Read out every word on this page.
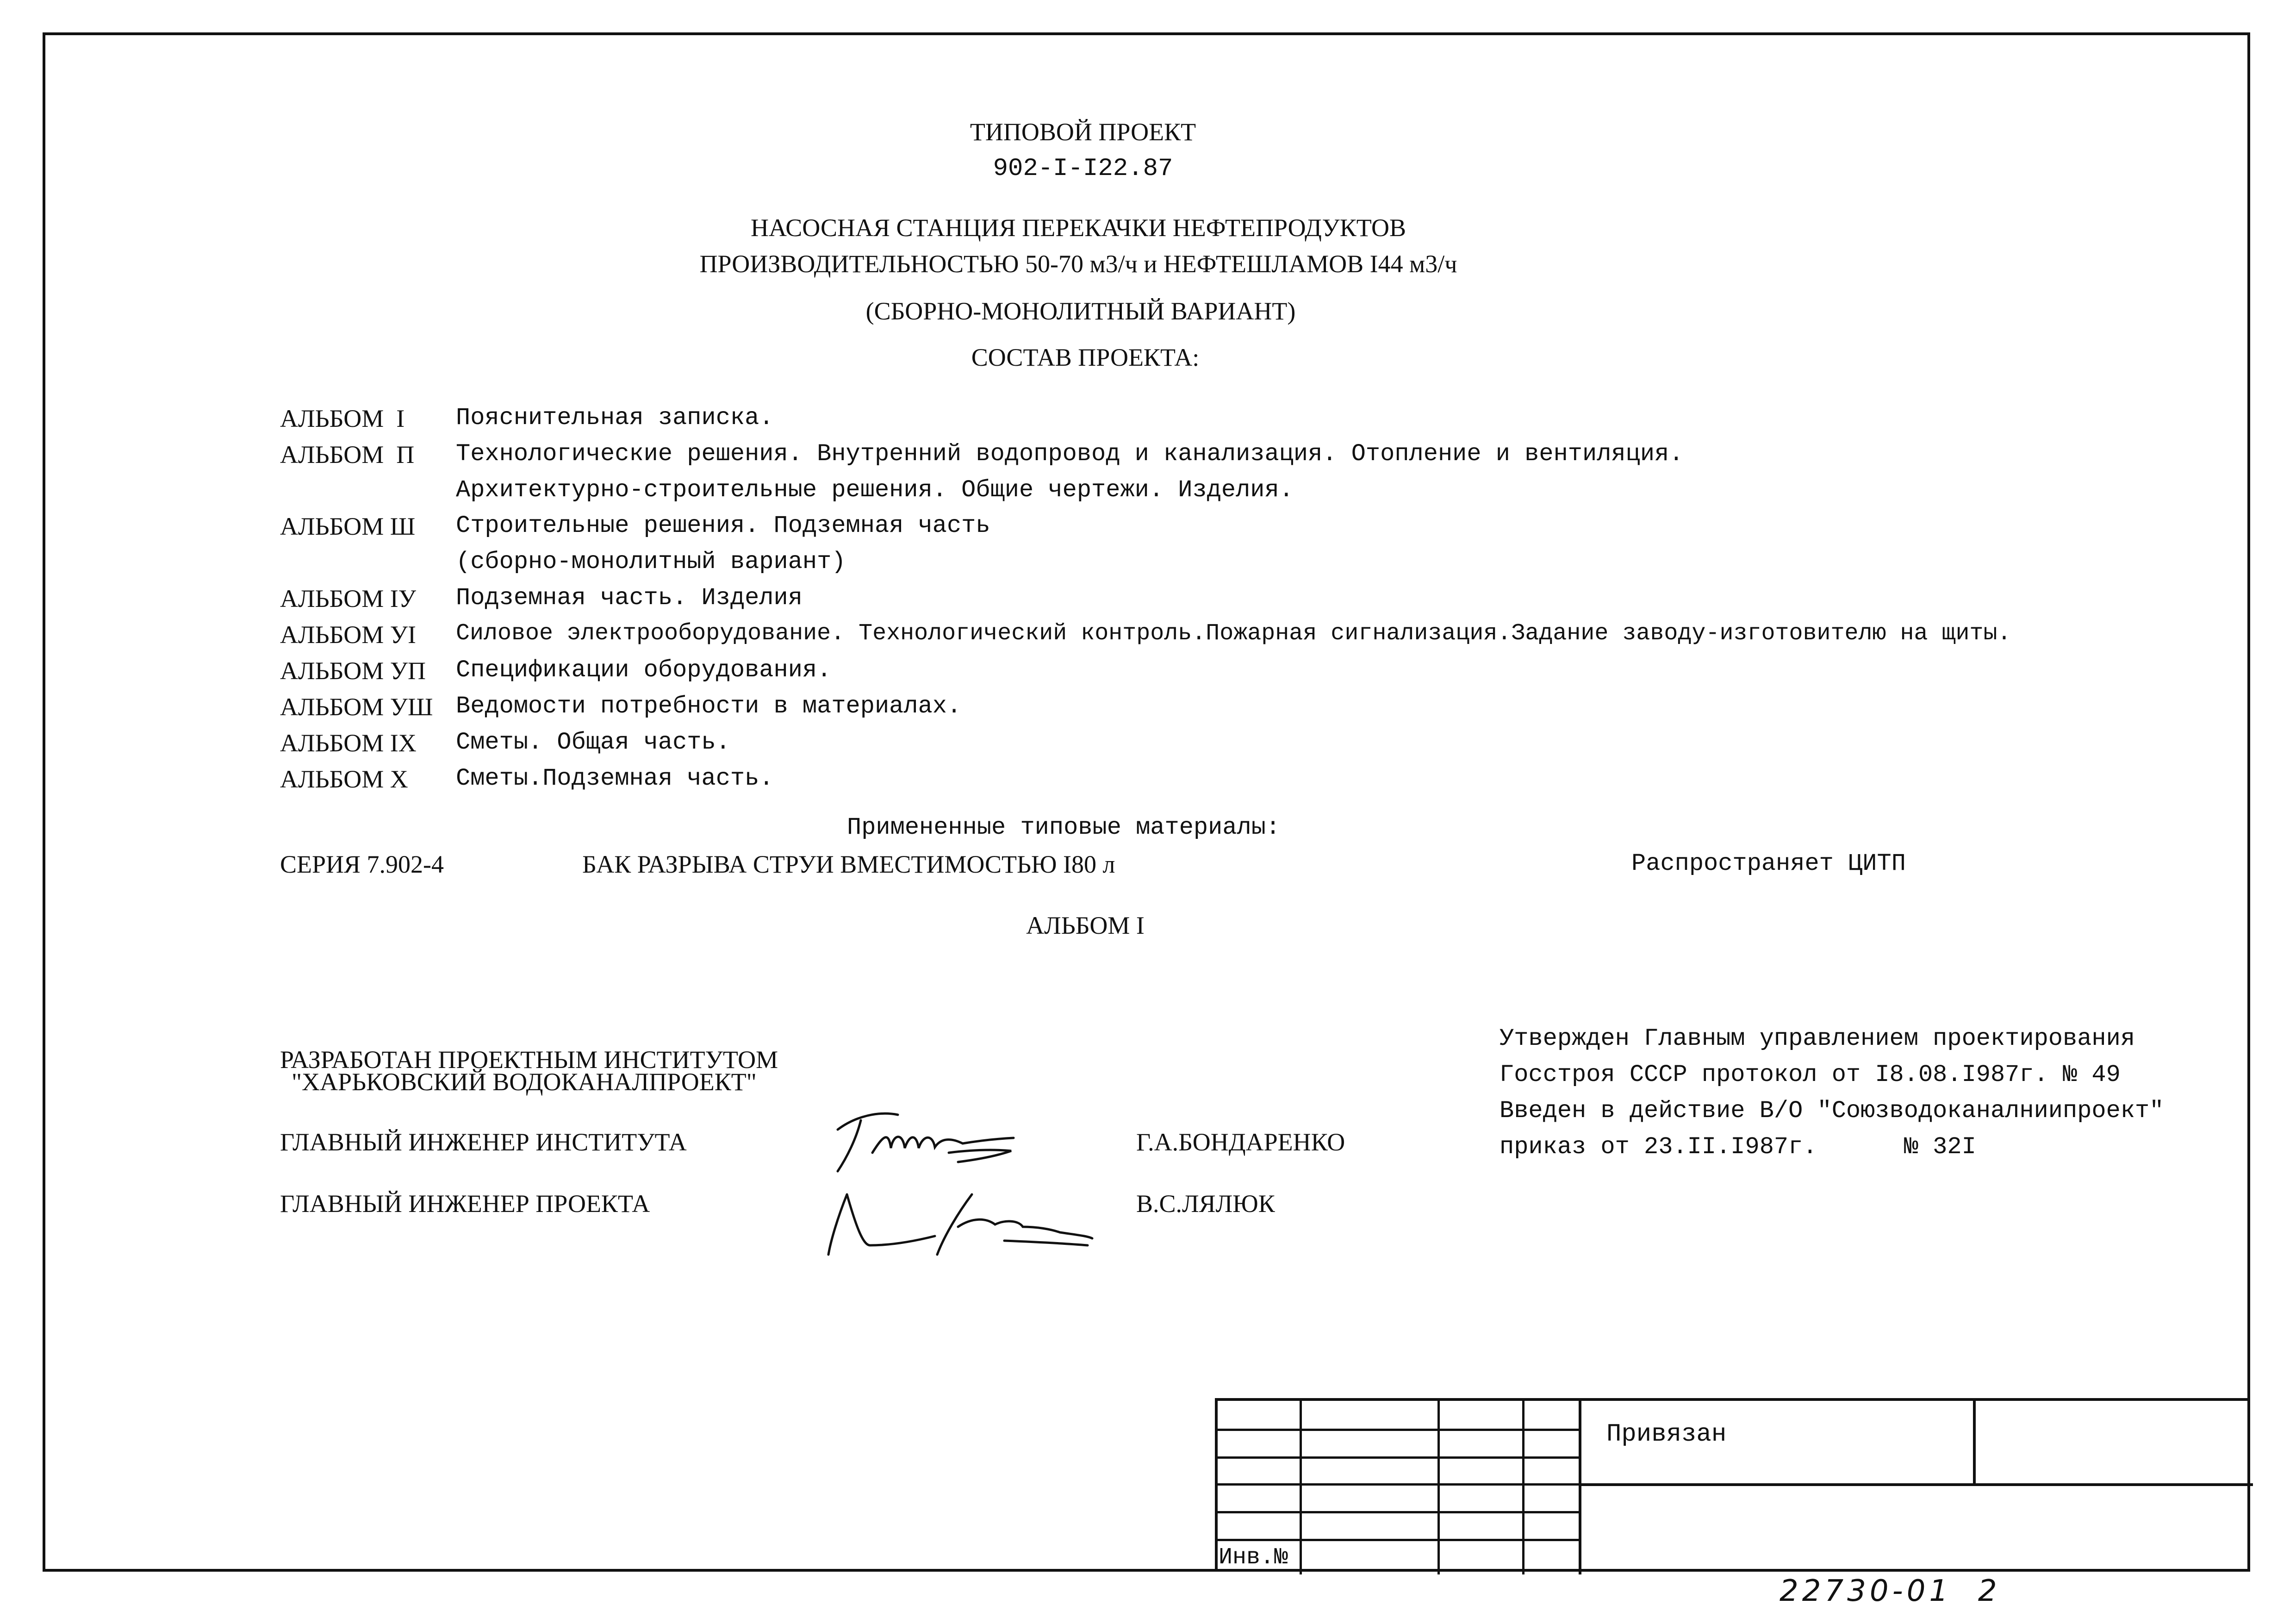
ТИПОВОЙ ПРОЕКТ
902-I-I22.87
НАСОСНАЯ СТАНЦИЯ ПЕРЕКАЧКИ НЕФТЕПРОДУКТОВ
ПРОИЗВОДИТЕЛЬНОСТЬЮ 50-70 м3/ч и НЕФТЕШЛАМОВ I44 м3/ч
(СБОРНО-МОНОЛИТНЫЙ ВАРИАНТ)
СОСТАВ ПРОЕКТА:
АЛЬБОМ  I Пояснительная записка.
АЛЬБОМ  П Технологические решения. Внутренний водопровод и канализация. Отопление и вентиляция.
Архитектурно-строительные решения. Общие чертежи. Изделия.
АЛЬБОМ Ш Строительные решения. Подземная часть
(сборно-монолитный вариант)
АЛЬБОМ IУ Подземная часть. Изделия
АЛЬБОМ УI Силовое электрооборудование. Технологический контроль.Пожарная сигнализация.Задание заводу-изготовителю на щиты.
АЛЬБОМ УП Спецификации оборудования.
АЛЬБОМ УШ Ведомости потребности в материалах.
АЛЬБОМ IX Сметы. Общая часть.
АЛЬБОМ X Сметы.Подземная часть.
Примененные типовые материалы:
СЕРИЯ 7.902-4	БАК РАЗРЫВА СТРУИ ВМЕСТИМОСТЬЮ I80 л	Распространяет ЦИТП
АЛЬБОМ I
РАЗРАБОТАН ПРОЕКТНЫМ ИНСТИТУТОМ
"ХАРЬКОВСКИЙ ВОДОКАНАЛПРОЕКТ"
ГЛАВНЫЙ ИНЖЕНЕР ИНСТИТУТА	Г.А.БОНДАРЕНКО
ГЛАВНЫЙ ИНЖЕНЕР ПРОЕКТА	В.С.ЛЯЛЮК
Утвержден Главным управлением проектирования
Госстроя СССР протокол от I8.08.I987г. № 49
Введен в действие В/О "Союзводоканалниипроект"
приказ от 23.II.I987г.      № 32I
Инв.№
Привязан
22730-01  2
